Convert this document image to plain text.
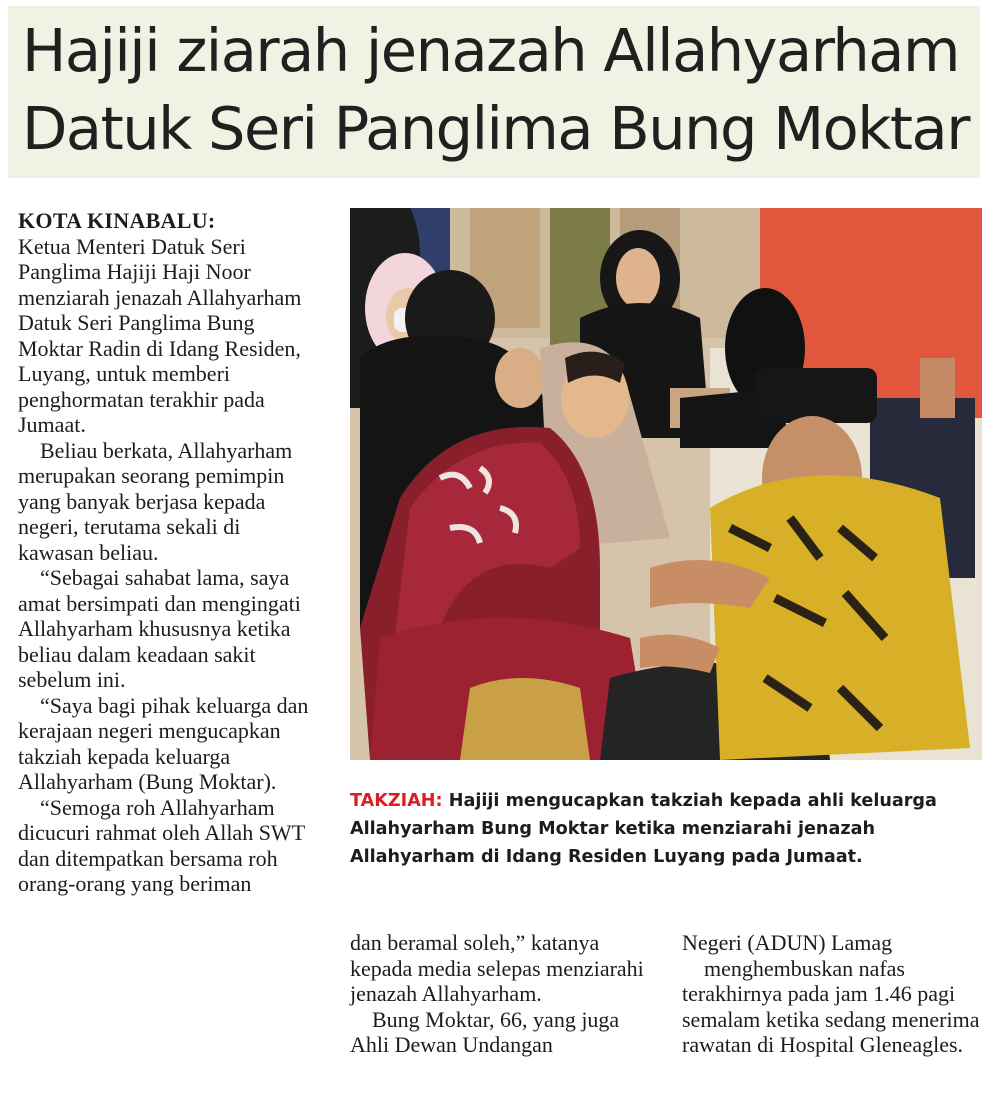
Hajiji ziarah jenazah Allahyarham
Datuk Seri Panglima Bung Moktar

KOTA KINABALU:

Ketua Menteri Datuk Seri Panglima Hajiji Haji Noor menziarah jenazah Allahyarham Datuk Seri Panglima Bung Moktar Radin di Idang Residen, Luyang, untuk memberi penghormatan terakhir pada Jumaat.

Beliau berkata, Allahyarham merupakan seorang pemimpin yang banyak berjasa kepada negeri, terutama sekali di kawasan beliau.

“Sebagai sahabat lama, saya amat bersimpati dan mengingati Allahyarham khususnya ketika beliau dalam keadaan sakit sebelum ini.

“Saya bagi pihak keluarga dan kerajaan negeri mengucapkan takziah kepada keluarga Allahyarham (Bung Moktar).

“Semoga roh Allahyarham dicucuri rahmat oleh Allah SWT dan ditempatkan bersama roh orang-orang yang beriman

TAKZIAH: Hajiji mengucapkan takziah kepada ahli keluarga Allahyarham Bung Moktar ketika menziarahi jenazah Allahyarham di Idang Residen Luyang pada Jumaat.

dan beramal soleh,” katanya kepada media selepas menziarahi jenazah Allahyarham.

Bung Moktar, 66, yang juga Ahli Dewan Undangan

Negeri (ADUN) Lamag

menghembuskan nafas terakhirnya pada jam 1.46 pagi semalam ketika sedang menerima rawatan di Hospital Gleneagles.
